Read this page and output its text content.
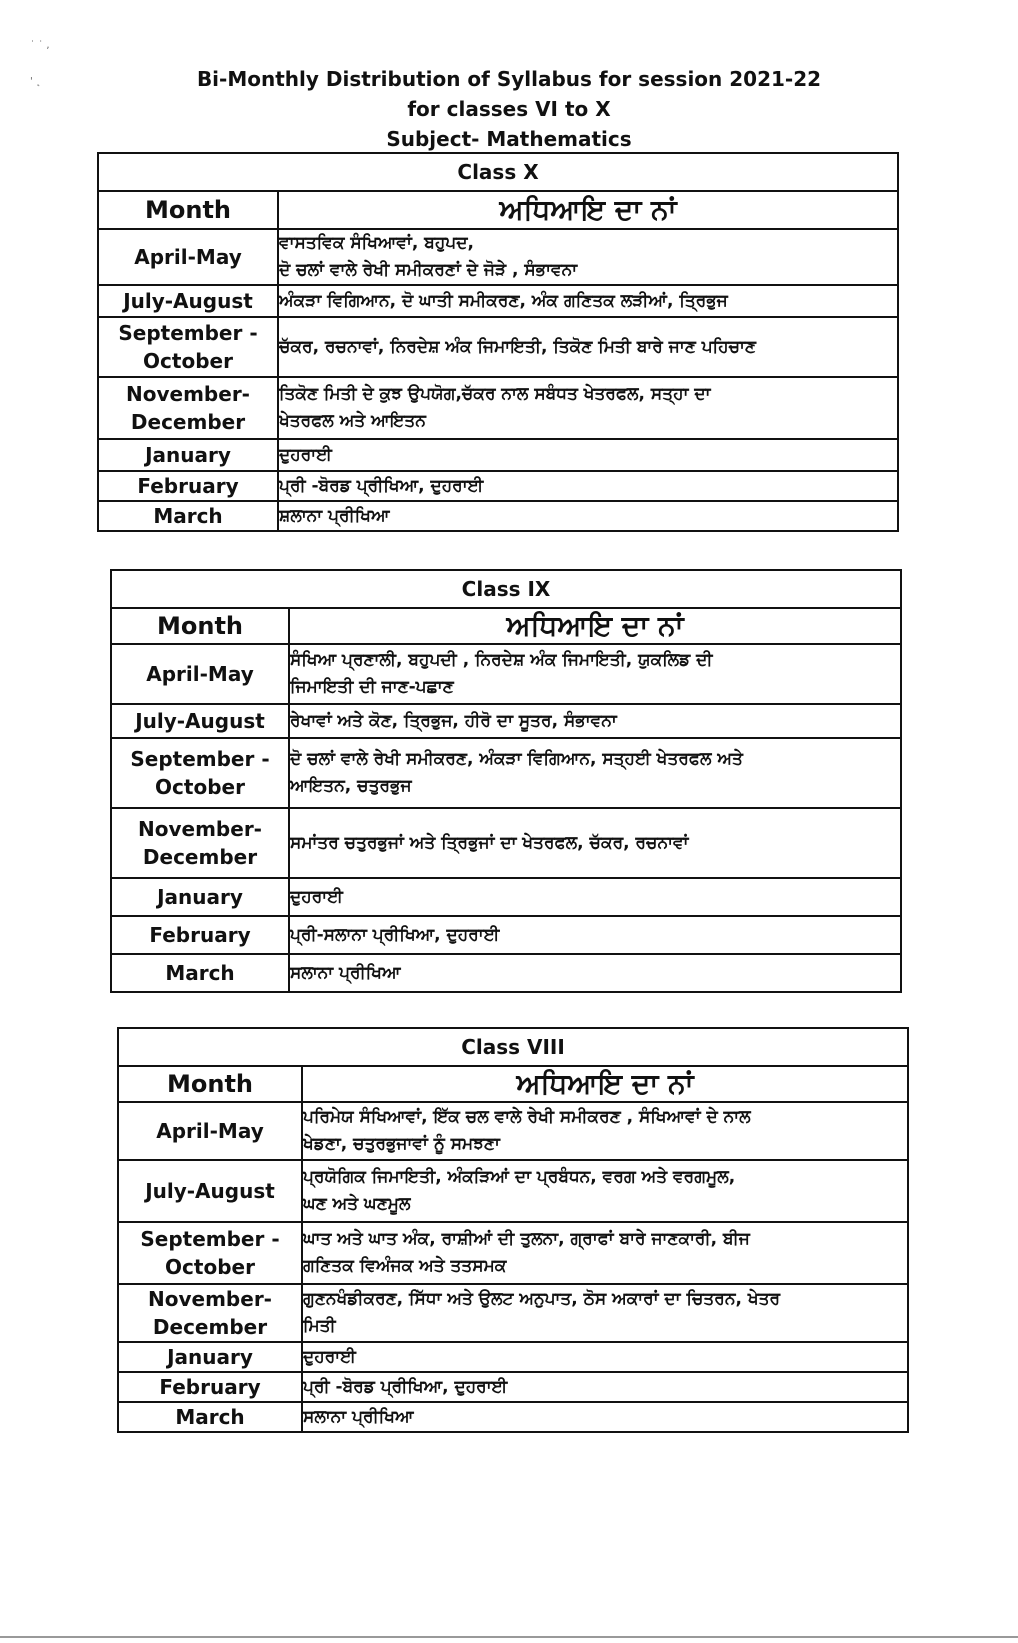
˙ ˙ ,

' ˛	Bi-Monthly Distribution of Syllabus for session 2021-22
for classes VI to X
Subject- Mathematics
Class X	
Month	ਅਧਿਆਇ ਦਾ ਨਾਂ
April-May	ਵਾਸਤਵਿਕ ਸੰਖਿਆਵਾਂ, ਬਹੁਪਦ,
ਦੋ ਚਲਾਂ ਵਾਲੇ ਰੇਖੀ ਸਮੀਕਰਣਾਂ ਦੇ ਜੋੜੇ , ਸੰਭਾਵਨਾ
July-August	ਅੰਕੜਾ ਵਿਗਿਆਨ, ਦੋ ਘਾਤੀ ਸਮੀਕਰਣ, ਅੰਕ ਗਣਿਤਕ ਲੜੀਆਂ, ਤ੍ਰਿਭੁਜ
September -
October	ਚੱਕਰ, ਰਚਨਾਵਾਂ, ਨਿਰਦੇਸ਼ ਅੰਕ ਜਿਮਾਇਤੀ, ਤਿਕੋਣ ਮਿਤੀ ਬਾਰੇ ਜਾਣ ਪਹਿਚਾਣ
November-
December	ਤਿਕੋਣ ਮਿਤੀ ਦੇ ਕੁਝ ਉਪਯੋਗ,ਚੱਕਰ ਨਾਲ ਸਬੰਧਤ ਖੇਤਰਫਲ, ਸਤ੍ਹਾ ਦਾ
ਖੇਤਰਫਲ ਅਤੇ ਆਇਤਨ
January	ਦੁਹਰਾਈ
February	ਪ੍ਰੀ -ਬੋਰਡ ਪ੍ਰੀਖਿਆ, ਦੁਹਰਾਈ
March	ਸ਼ਲਾਨਾ ਪ੍ਰੀਖਿਆ
Class IX	
Month	ਅਧਿਆਇ ਦਾ ਨਾਂ
April-May	ਸੰਖਿਆ ਪ੍ਰਣਾਲੀ, ਬਹੁਪਦੀ , ਨਿਰਦੇਸ਼ ਅੰਕ ਜਿਮਾਇਤੀ, ਯੁਕਲਿਡ ਦੀ
ਜਿਮਾਇਤੀ ਦੀ ਜਾਣ-ਪਛਾਣ
July-August	ਰੇਖਾਵਾਂ ਅਤੇ ਕੋਣ, ਤ੍ਰਿਭੁਜ, ਹੀਰੋ ਦਾ ਸੂਤਰ, ਸੰਭਾਵਨਾ
September -
October	ਦੋ ਚਲਾਂ ਵਾਲੇ ਰੇਖੀ ਸਮੀਕਰਣ, ਅੰਕੜਾ ਵਿਗਿਆਨ, ਸਤ੍ਹਈ ਖੇਤਰਫਲ ਅਤੇ
ਆਇਤਨ, ਚਤੁਰਭੁਜ
November-
December	ਸਮਾਂਤਰ ਚਤੁਰਭੁਜਾਂ ਅਤੇ ਤ੍ਰਿਭੁਜਾਂ ਦਾ ਖੇਤਰਫਲ, ਚੱਕਰ, ਰਚਨਾਵਾਂ
January	ਦੁਹਰਾਈ
February	ਪ੍ਰੀ-ਸਲਾਨਾ ਪ੍ਰੀਖਿਆ, ਦੁਹਰਾਈ
March	ਸਲਾਨਾ ਪ੍ਰੀਖਿਆ
Class VIII	
Month	ਅਧਿਆਇ ਦਾ ਨਾਂ
April-May	ਪਰਿਮੇਯ ਸੰਖਿਆਵਾਂ, ਇੱਕ ਚਲ ਵਾਲੇ ਰੇਖੀ ਸਮੀਕਰਣ , ਸੰਖਿਆਵਾਂ ਦੇ ਨਾਲ
ਖੇਡਣਾ, ਚਤੁਰਭੁਜਾਵਾਂ ਨੂੰ ਸਮਝਣਾ
July-August	ਪ੍ਰਯੋਗਿਕ ਜਿਮਾਇਤੀ, ਅੰਕੜਿਆਂ ਦਾ ਪ੍ਰਬੰਧਨ, ਵਰਗ ਅਤੇ ਵਰਗਮੂਲ,
ਘਣ ਅਤੇ ਘਣਮੂਲ
September -
October	ਘਾਤ ਅਤੇ ਘਾਤ ਅੰਕ, ਰਾਸ਼ੀਆਂ ਦੀ ਤੁਲਨਾ, ਗ੍ਰਾਫਾਂ ਬਾਰੇ ਜਾਣਕਾਰੀ, ਬੀਜ
ਗਣਿਤਕ ਵਿਅੰਜਕ ਅਤੇ ਤਤਸਮਕ
November-
December	ਗੁਣਨਖੰਡੀਕਰਣ, ਸਿੱਧਾ ਅਤੇ ਉਲਟ ਅਨੁਪਾਤ, ਠੋਸ ਅਕਾਰਾਂ ਦਾ ਚਿਤਰਨ, ਖੇਤਰ
ਮਿਤੀ
January	ਦੁਹਰਾਈ
February	ਪ੍ਰੀ -ਬੋਰਡ ਪ੍ਰੀਖਿਆ, ਦੁਹਰਾਈ
March	ਸਲਾਨਾ ਪ੍ਰੀਖਿਆ
